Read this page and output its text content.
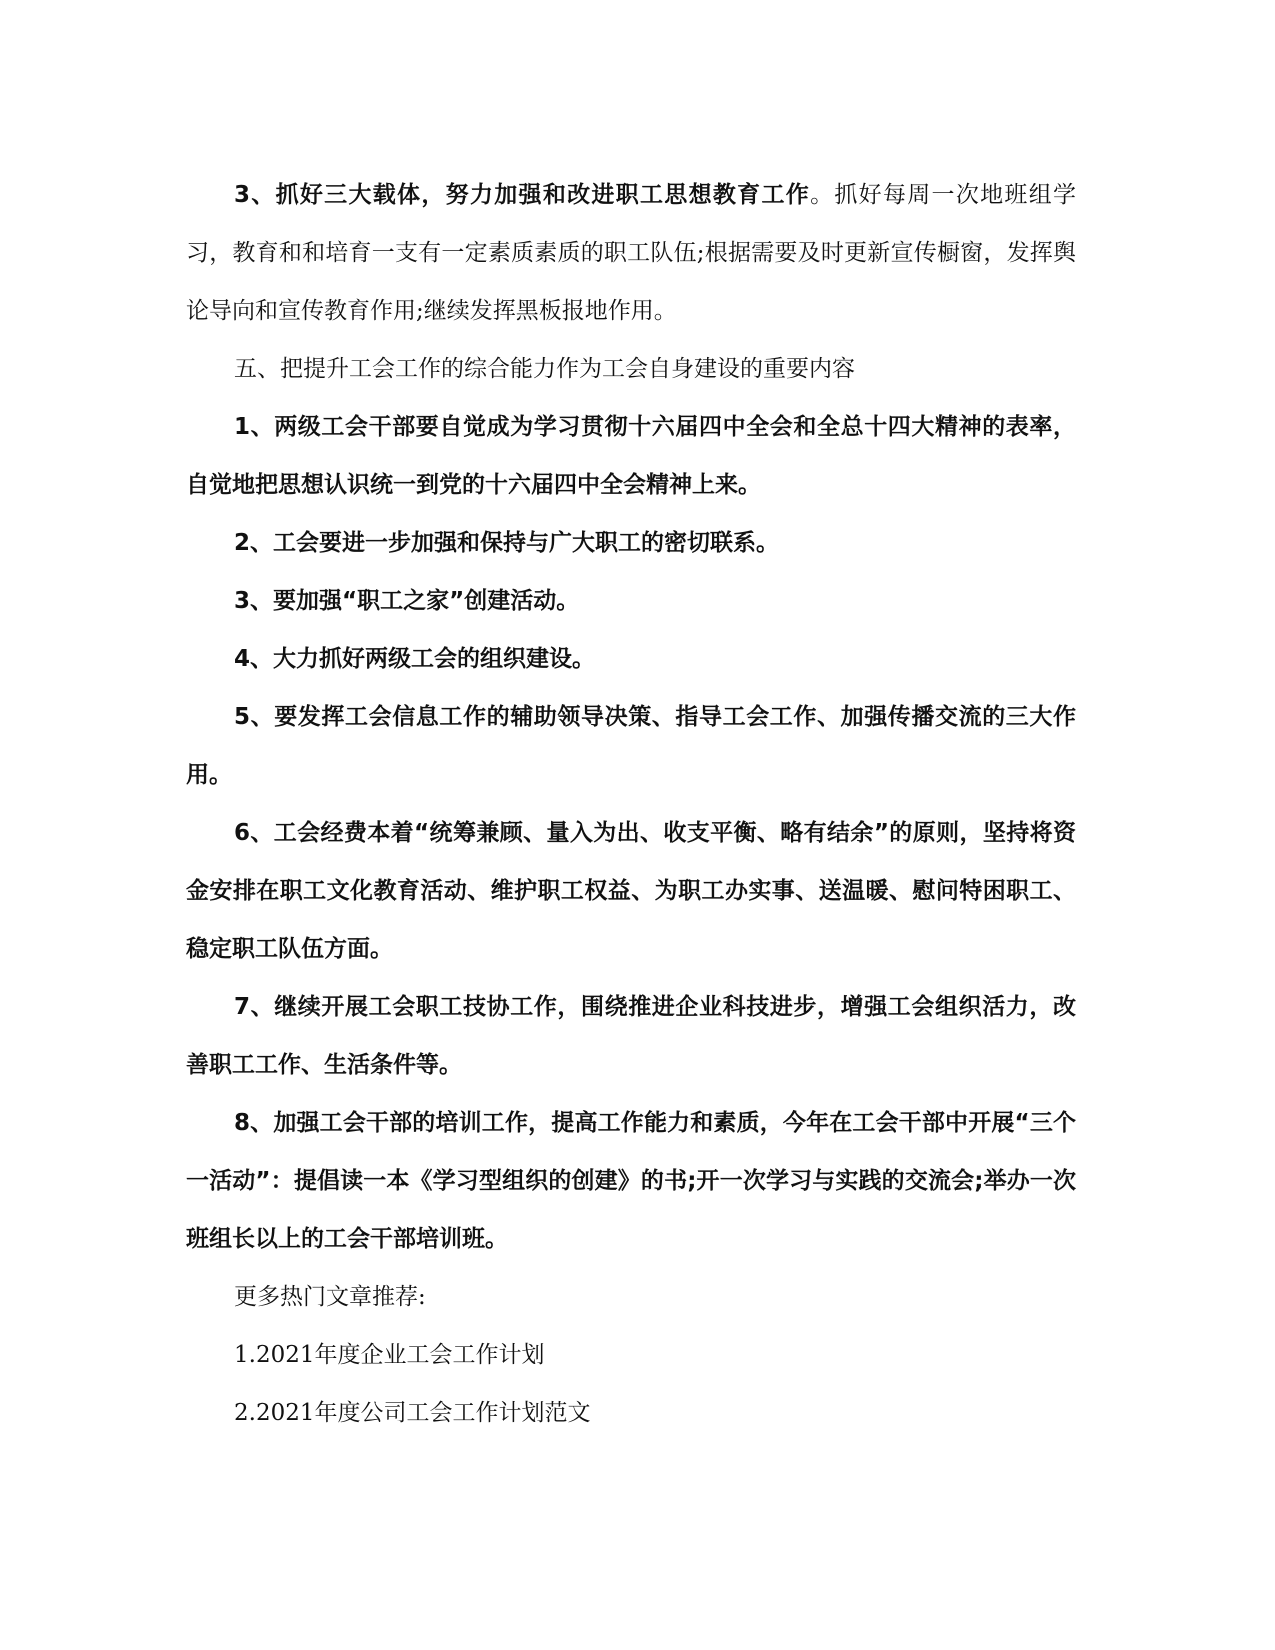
3、抓好三大载体，努力加强和改进职工思想教育工作。抓好每周一次地班组学习，教育和和培育一支有一定素质素质的职工队伍;根据需要及时更新宣传橱窗，发挥舆论导向和宣传教育作用;继续发挥黑板报地作用。

五、把提升工会工作的综合能力作为工会自身建设的重要内容

1、两级工会干部要自觉成为学习贯彻十六届四中全会和全总十四大精神的表率，自觉地把思想认识统一到党的十六届四中全会精神上来。

2、工会要进一步加强和保持与广大职工的密切联系。

3、要加强“职工之家”创建活动。

4、大力抓好两级工会的组织建设。

5、要发挥工会信息工作的辅助领导决策、指导工会工作、加强传播交流的三大作用。

6、工会经费本着“统筹兼顾、量入为出、收支平衡、略有结余”的原则，坚持将资金安排在职工文化教育活动、维护职工权益、为职工办实事、送温暖、慰问特困职工、稳定职工队伍方面。

7、继续开展工会职工技协工作，围绕推进企业科技进步，增强工会组织活力，改善职工工作、生活条件等。

8、加强工会干部的培训工作，提高工作能力和素质，今年在工会干部中开展“三个一活动”：提倡读一本《学习型组织的创建》的书;开一次学习与实践的交流会;举办一次班组长以上的工会干部培训班。

更多热门文章推荐:

1.2021年度企业工会工作计划

2.2021年度公司工会工作计划范文
